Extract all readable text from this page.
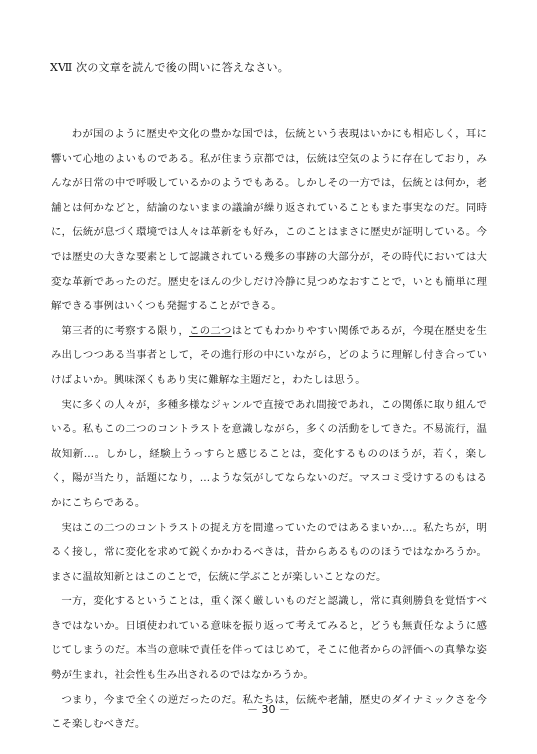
ⅩⅦ 次の文章を読んで後の問いに答えなさい。

わが国のように歴史や文化の豊かな国では，伝統という表現はいかにも相応しく，耳に響いて心地のよいものである。私が住まう京都では，伝統は空気のように存在しており，みんなが日常の中で呼吸しているかのようでもある。しかしその一方では，伝統とは何か，老舗とは何かなどと，結論のないままの議論が繰り返されていることもまた事実なのだ。同時に，伝統が息づく環境では人々は革新をも好み，このことはまさに歴史が証明している。今では歴史の大きな要素として認識されている幾多の事跡の大部分が，その時代においては大変な革新であったのだ。歴史をほんの少しだけ冷静に見つめなおすことで，いとも簡単に理解できる事例はいくつも発掘することができる。

第三者的に考察する限り，この二つはとてもわかりやすい関係であるが，今現在歴史を生み出しつつある当事者として，その進行形の中にいながら，どのように理解し付き合っていけばよいか。興味深くもあり実に難解な主題だと，わたしは思う。

実に多くの人々が，多種多様なジャンルで直接であれ間接であれ，この関係に取り組んでいる。私もこの二つのコントラストを意識しながら，多くの活動をしてきた。不易流行，温故知新…。しかし，経験上うっすらと感じることは，変化するもののほうが，若く，楽しく，陽が当たり，話題になり，…ような気がしてならないのだ。マスコミ受けするのもはるかにこちらである。

実はこの二つのコントラストの捉え方を間違っていたのではあるまいか…。私たちが，明るく接し，常に変化を求めて鋭くかかわるべきは，昔からあるもののほうではなかろうか。まさに温故知新とはこのことで，伝統に学ぶことが楽しいことなのだ。

一方，変化するということは，重く深く厳しいものだと認識し，常に真剣勝負を覚悟すべきではないか。日頃使われている意味を振り返って考えてみると，どうも無責任なように感じてしまうのだ。本当の意味で責任を伴ってはじめて，そこに他者からの評価への真摯な姿勢が生まれ，社会性も生み出されるのではなかろうか。

つまり，今まで全くの逆だったのだ。私たちは，伝統や老舗，歴史のダイナミックさを今こそ楽しむべきだ。

－ 30 －
